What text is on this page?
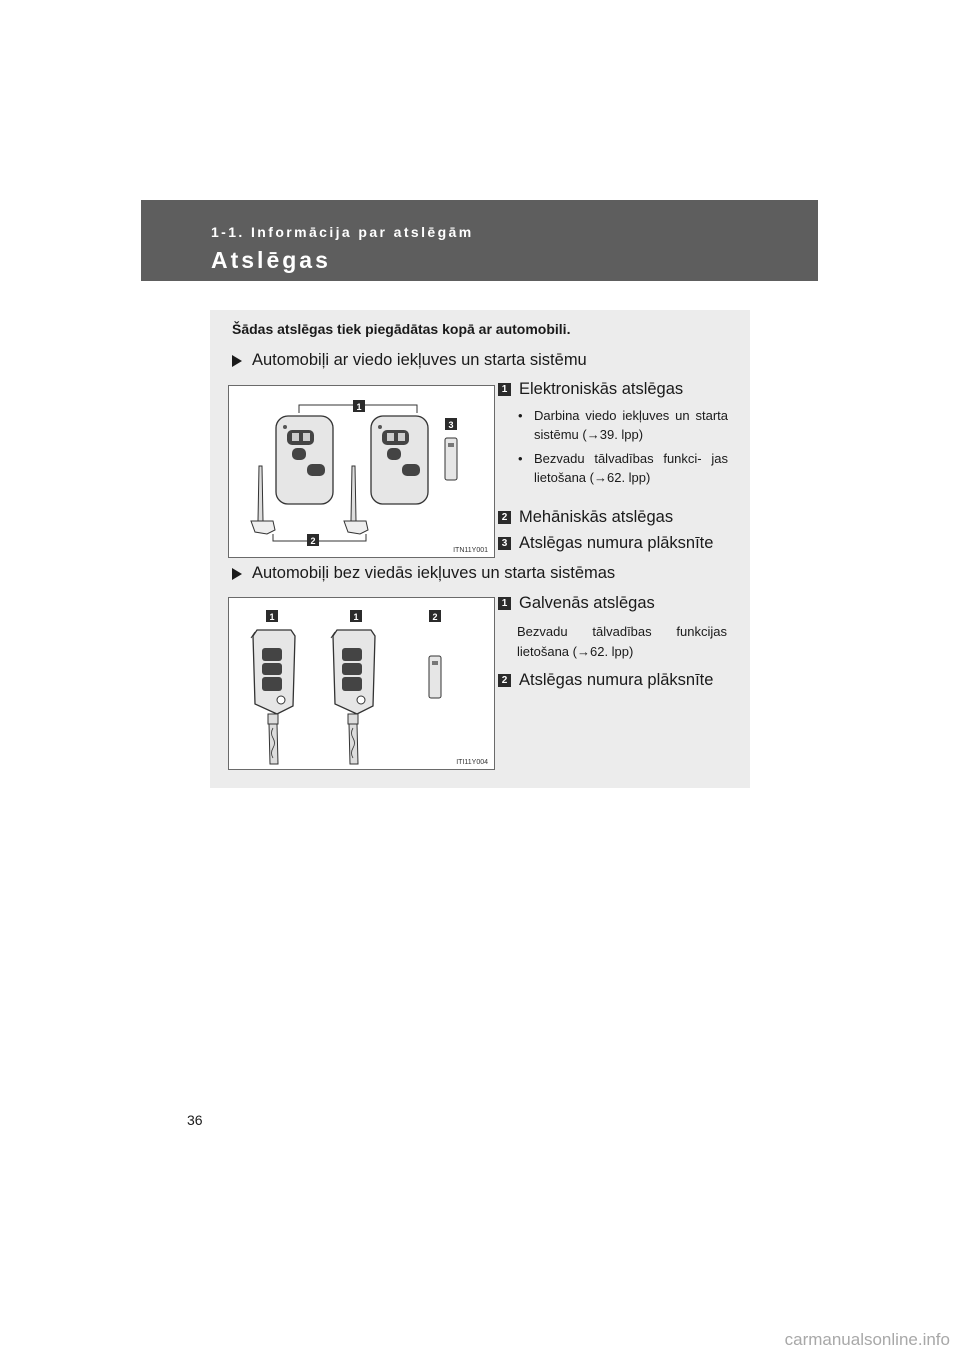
1-1. Informācija par atslēgām
Atslēgas
Šādas atslēgas tiek piegādātas kopā ar automobili.
Automobiļi ar viedo iekļuves un starta sistēmu
1
3
2
ITN11Y001
1 Elektroniskās atslēgas
• Darbina viedo iekļuves un starta sistēmu (→39. lpp)
• Bezvadu tālvadības funkci- jas lietošana (→62. lpp)
2 Mehāniskās atslēgas
3 Atslēgas numura plāksnīte
Automobiļi bez viedās iekļuves un starta sistēmas
1	1	2
ITI11Y004
1 Galvenās atslēgas
Bezvadu tālvadības funkcijas lietošana (→62. lpp)
2 Atslēgas numura plāksnīte
36
carmanualsonline.info
